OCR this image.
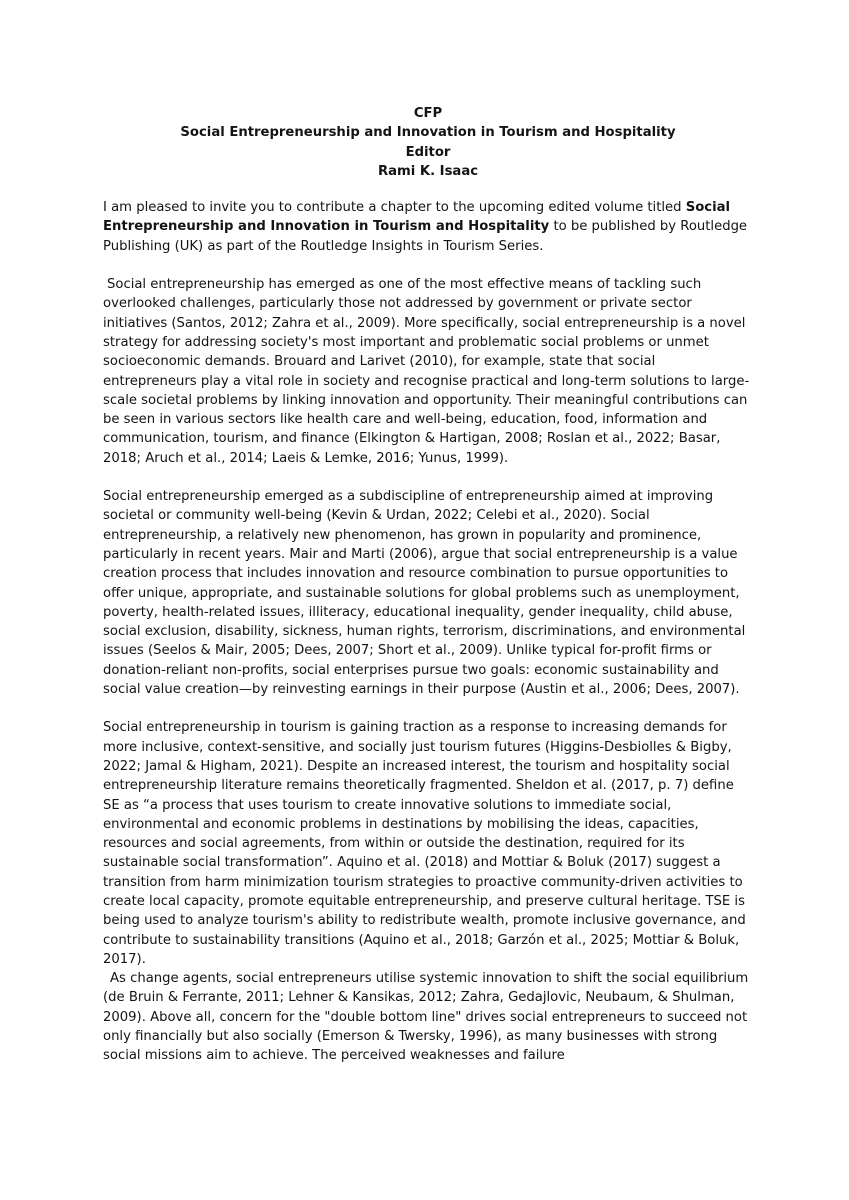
CFP
Social Entrepreneurship and Innovation in Tourism and Hospitality
Editor
Rami K. Isaac

I am pleased to invite you to contribute a chapter to the upcoming edited volume titled Social Entrepreneurship and Innovation in Tourism and Hospitality to be published by Routledge Publishing (UK) as part of the Routledge Insights in Tourism Series.

Social entrepreneurship has emerged as one of the most effective means of tackling such overlooked challenges, particularly those not addressed by government or private sector initiatives (Santos, 2012; Zahra et al., 2009). More specifically, social entrepreneurship is a novel strategy for addressing society's most important and problematic social problems or unmet socioeconomic demands. Brouard and Larivet (2010), for example, state that social entrepreneurs play a vital role in society and recognise practical and long-term solutions to large-scale societal problems by linking innovation and opportunity. Their meaningful contributions can be seen in various sectors like health care and well-being, education, food, information and communication, tourism, and finance (Elkington & Hartigan, 2008; Roslan et al., 2022; Basar, 2018; Aruch et al., 2014; Laeis & Lemke, 2016; Yunus, 1999).

Social entrepreneurship emerged as a subdiscipline of entrepreneurship aimed at improving societal or community well-being (Kevin & Urdan, 2022; Celebi et al., 2020). Social entrepreneurship, a relatively new phenomenon, has grown in popularity and prominence, particularly in recent years. Mair and Marti (2006), argue that social entrepreneurship is a value creation process that includes innovation and resource combination to pursue opportunities to offer unique, appropriate, and sustainable solutions for global problems such as unemployment, poverty, health-related issues, illiteracy, educational inequality, gender inequality, child abuse, social exclusion, disability, sickness, human rights, terrorism, discriminations, and environmental issues (Seelos & Mair, 2005; Dees, 2007; Short et al., 2009). Unlike typical for-profit firms or donation-reliant non-profits, social enterprises pursue two goals: economic sustainability and social value creation—by reinvesting earnings in their purpose (Austin et al., 2006; Dees, 2007).

Social entrepreneurship in tourism is gaining traction as a response to increasing demands for more inclusive, context-sensitive, and socially just tourism futures (Higgins-Desbiolles & Bigby, 2022; Jamal & Higham, 2021). Despite an increased interest, the tourism and hospitality social entrepreneurship literature remains theoretically fragmented. Sheldon et al. (2017, p. 7) define SE as “a process that uses tourism to create innovative solutions to immediate social, environmental and economic problems in destinations by mobilising the ideas, capacities, resources and social agreements, from within or outside the destination, required for its sustainable social transformation”. Aquino et al. (2018) and Mottiar & Boluk (2017) suggest a transition from harm minimization tourism strategies to proactive community-driven activities to create local capacity, promote equitable entrepreneurship, and preserve cultural heritage. TSE is being used to analyze tourism's ability to redistribute wealth, promote inclusive governance, and contribute to sustainability transitions (Aquino et al., 2018; Garzón et al., 2025; Mottiar & Boluk, 2017).

As change agents, social entrepreneurs utilise systemic innovation to shift the social equilibrium (de Bruin & Ferrante, 2011; Lehner & Kansikas, 2012; Zahra, Gedajlovic, Neubaum, & Shulman, 2009). Above all, concern for the "double bottom line" drives social entrepreneurs to succeed not only financially but also socially (Emerson & Twersky, 1996), as many businesses with strong social missions aim to achieve. The perceived weaknesses and failure
